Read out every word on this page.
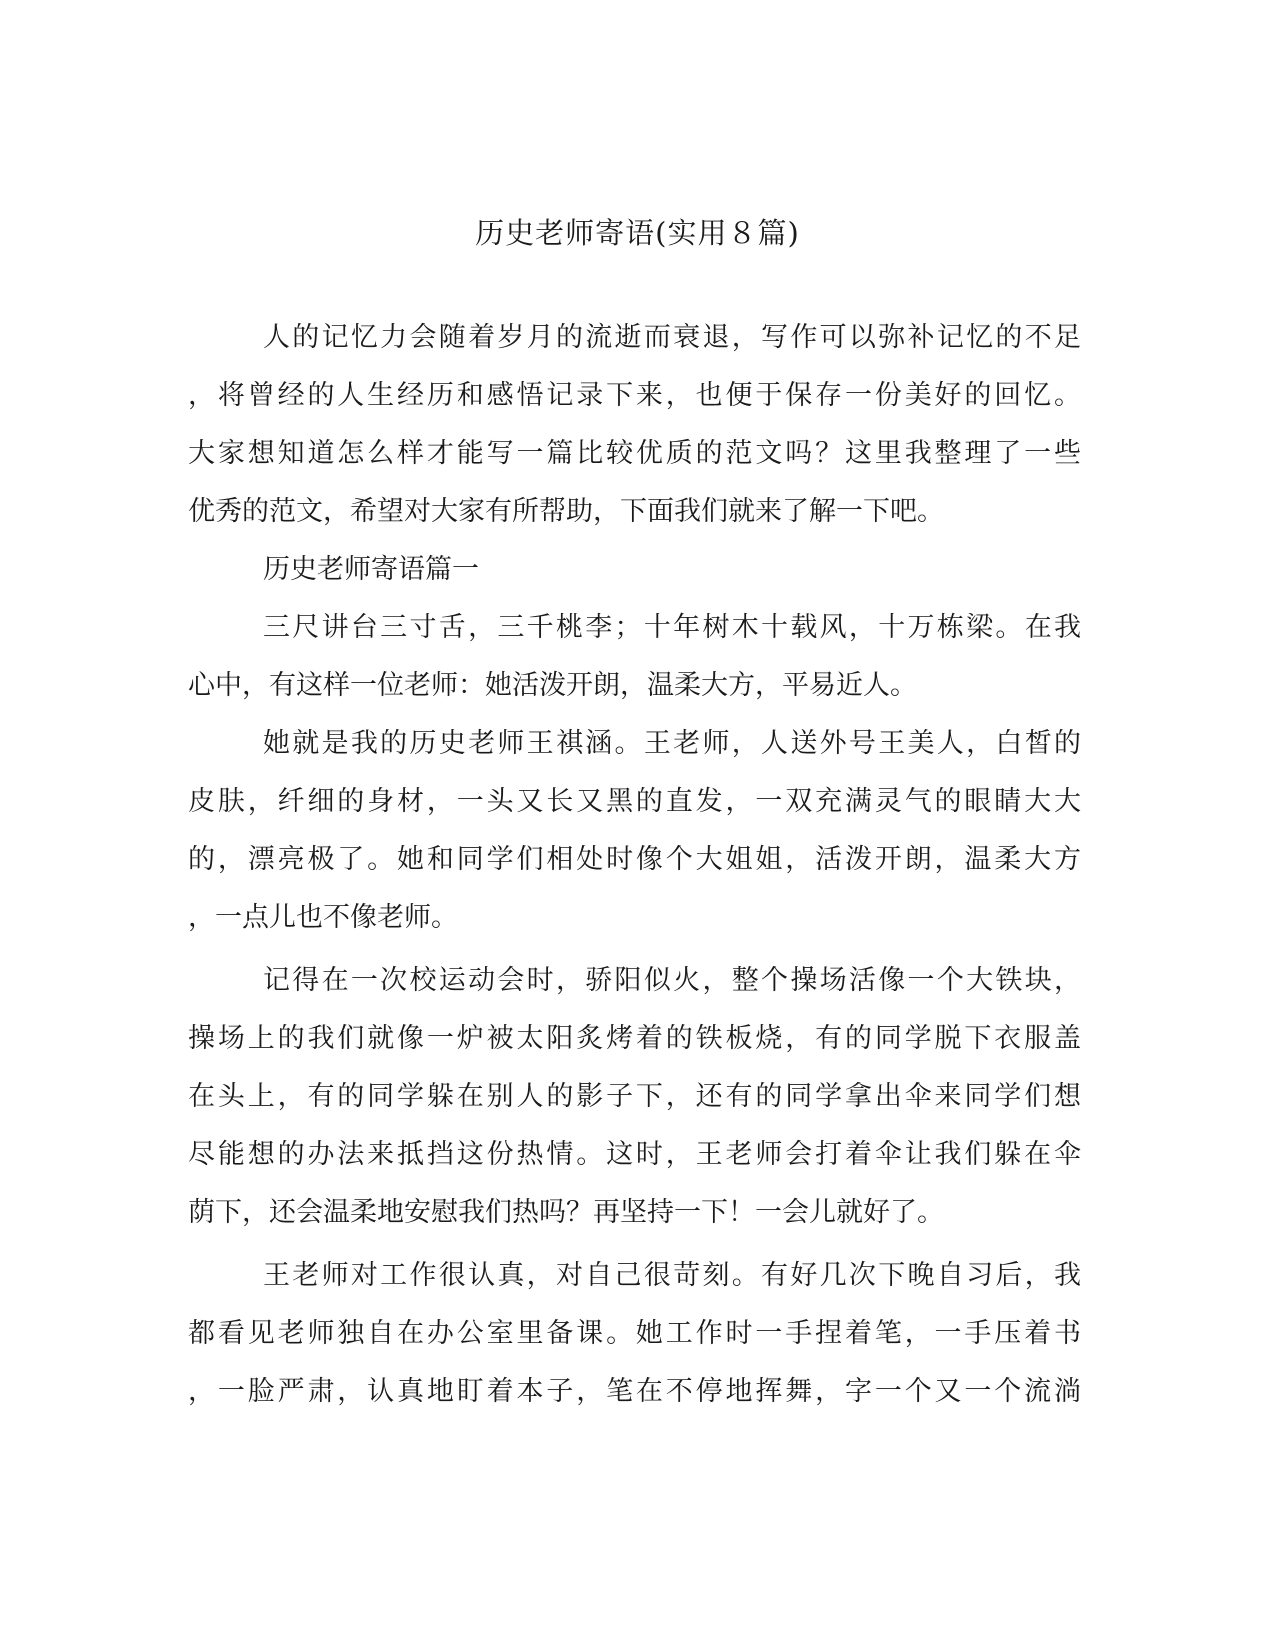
历史老师寄语(实用８篇)
人的记忆力会随着岁月的流逝而衰退，写作可以弥补记忆的不足
，将曾经的人生经历和感悟记录下来，也便于保存一份美好的回忆。
大家想知道怎么样才能写一篇比较优质的范文吗？这里我整理了一些
优秀的范文，希望对大家有所帮助，下面我们就来了解一下吧。
历史老师寄语篇一
三尺讲台三寸舌，三千桃李；十年树木十载风，十万栋梁。在我
心中，有这样一位老师：她活泼开朗，温柔大方，平易近人。
她就是我的历史老师王祺涵。王老师，人送外号王美人，白皙的
皮肤，纤细的身材，一头又长又黑的直发，一双充满灵气的眼睛大大
的，漂亮极了。她和同学们相处时像个大姐姐，活泼开朗，温柔大方
，一点儿也不像老师。
记得在一次校运动会时，骄阳似火，整个操场活像一个大铁块，
操场上的我们就像一炉被太阳炙烤着的铁板烧，有的同学脱下衣服盖
在头上，有的同学躲在别人的影子下，还有的同学拿出伞来同学们想
尽能想的办法来抵挡这份热情。这时，王老师会打着伞让我们躲在伞
荫下，还会温柔地安慰我们热吗？再坚持一下！一会儿就好了。
王老师对工作很认真，对自己很苛刻。有好几次下晚自习后，我
都看见老师独自在办公室里备课。她工作时一手捏着笔，一手压着书
，一脸严肃，认真地盯着本子，笔在不停地挥舞，字一个又一个流淌
